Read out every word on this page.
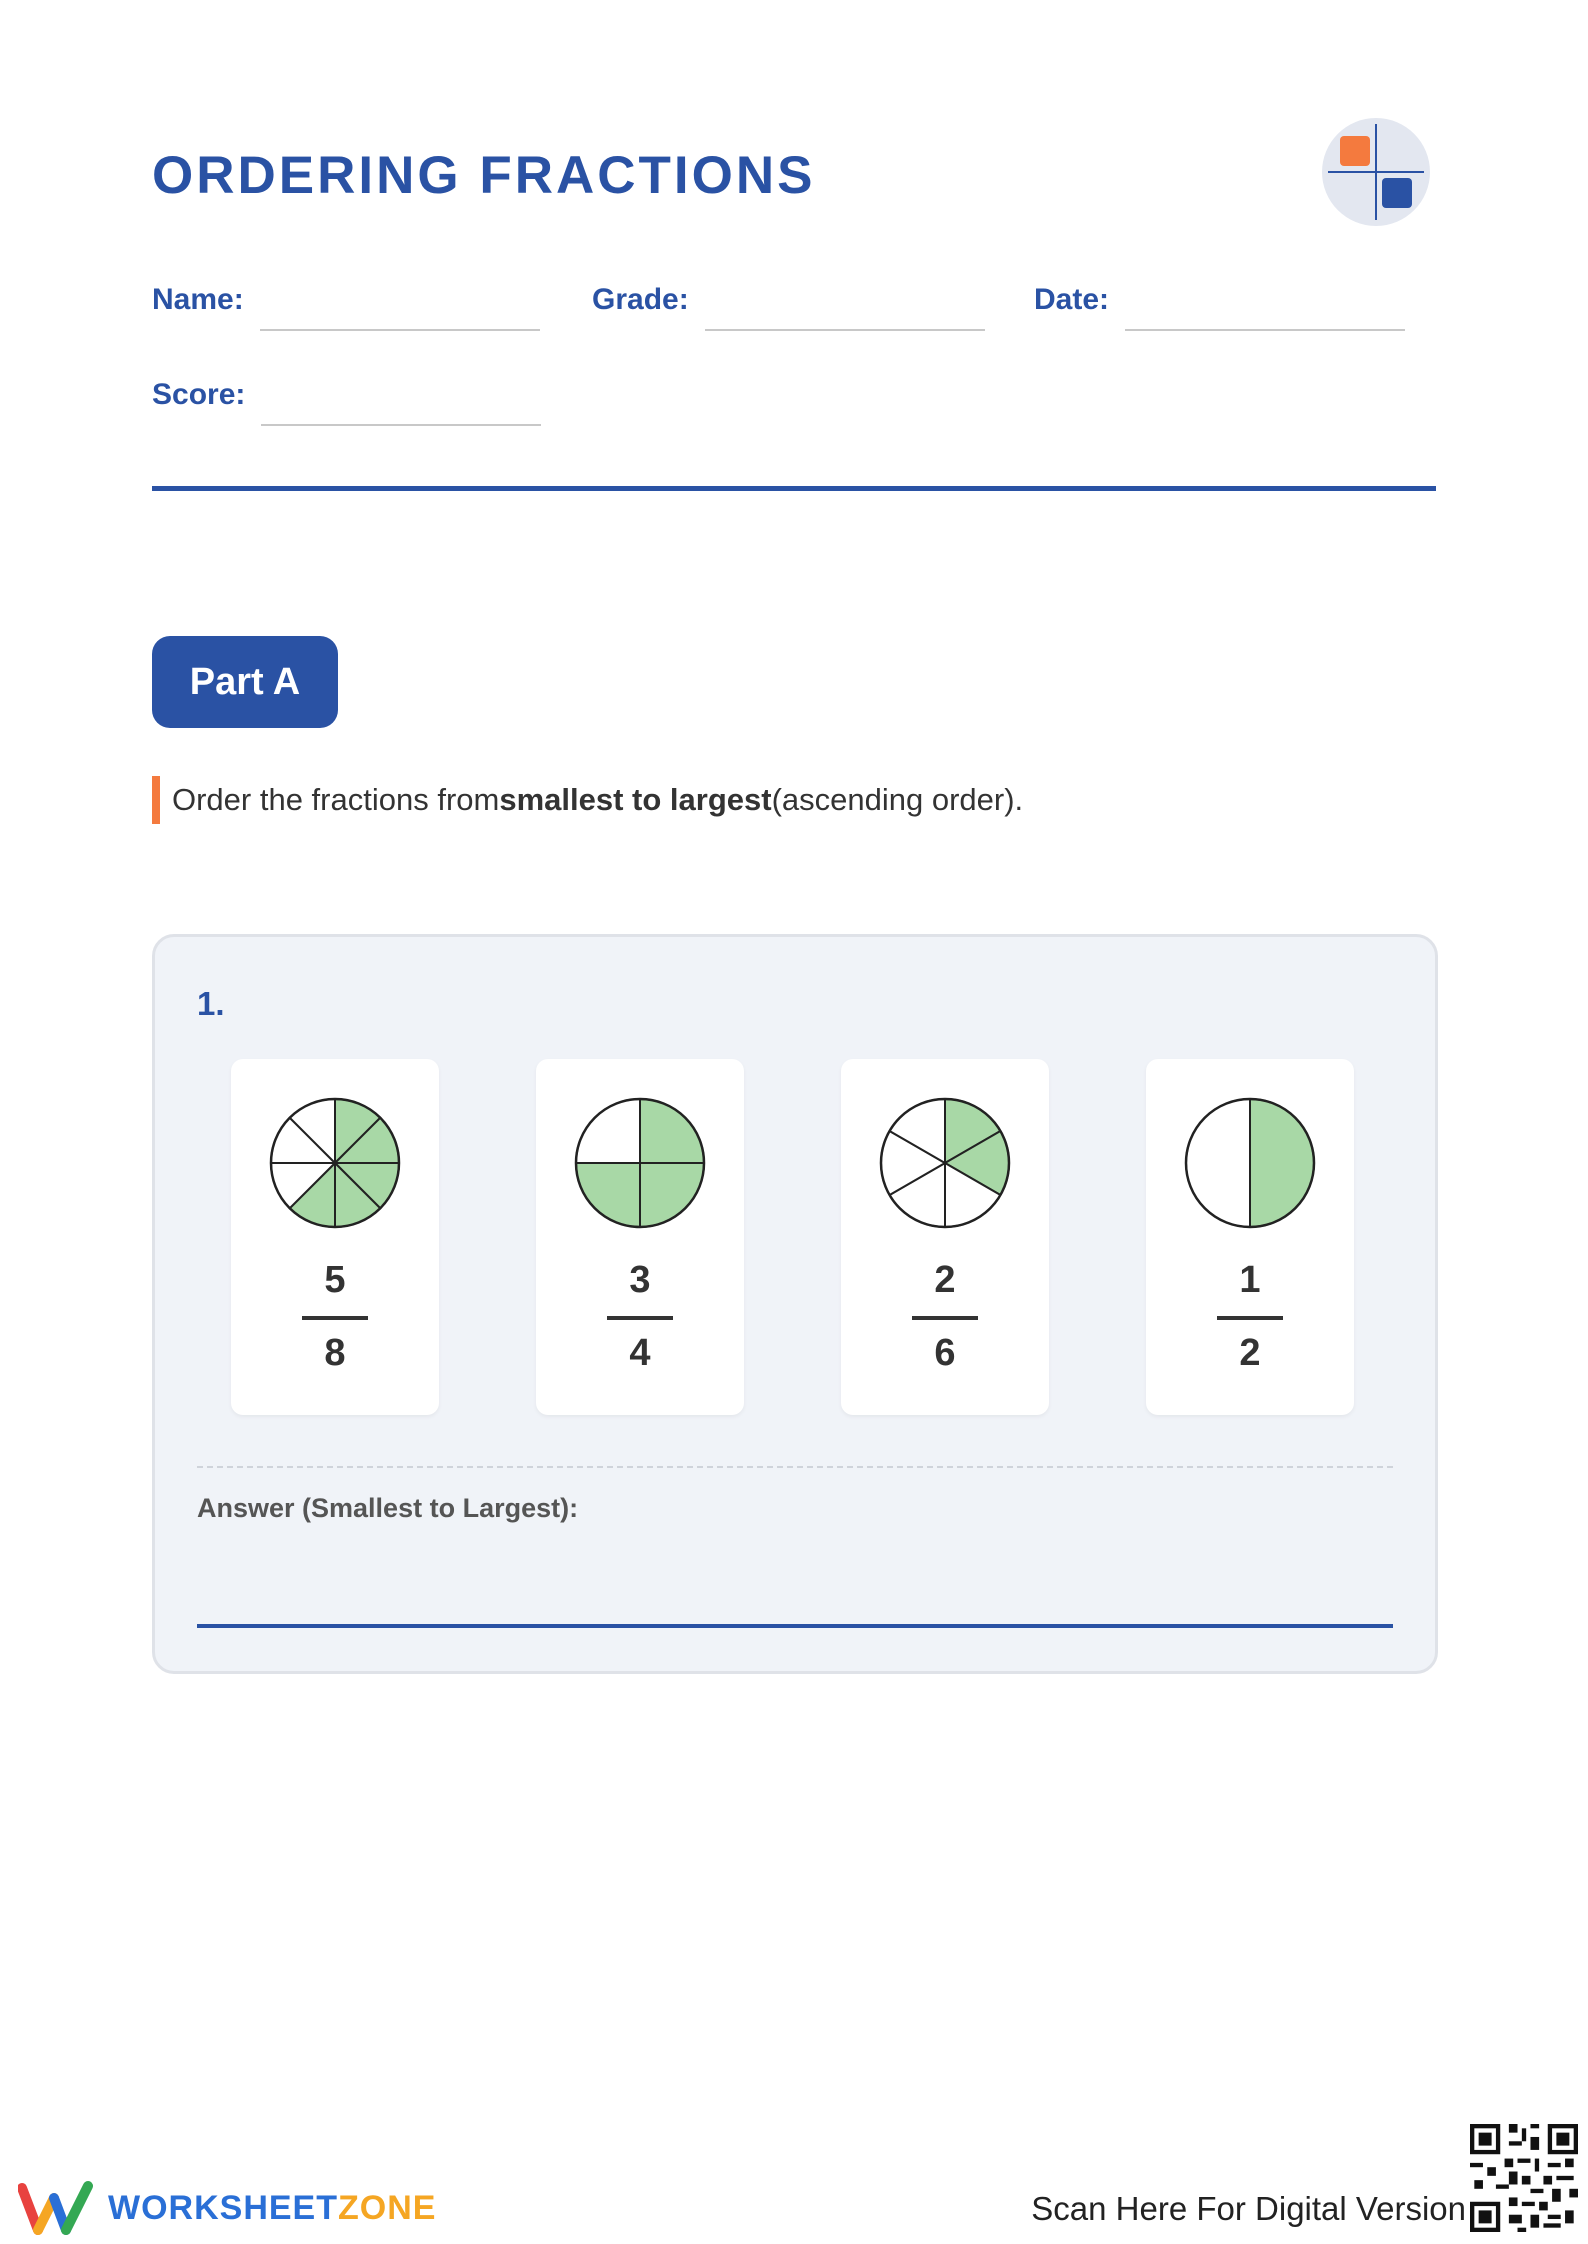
ORDERING FRACTIONS
Name:	Grade:	Date:
Score:
Part A
Order the fractions from smallest to largest (ascending order).
1.
5
8
3
4
2
6
1
2
Answer (Smallest to Largest):
WORKSHEETZONE	Scan Here For Digital Version
